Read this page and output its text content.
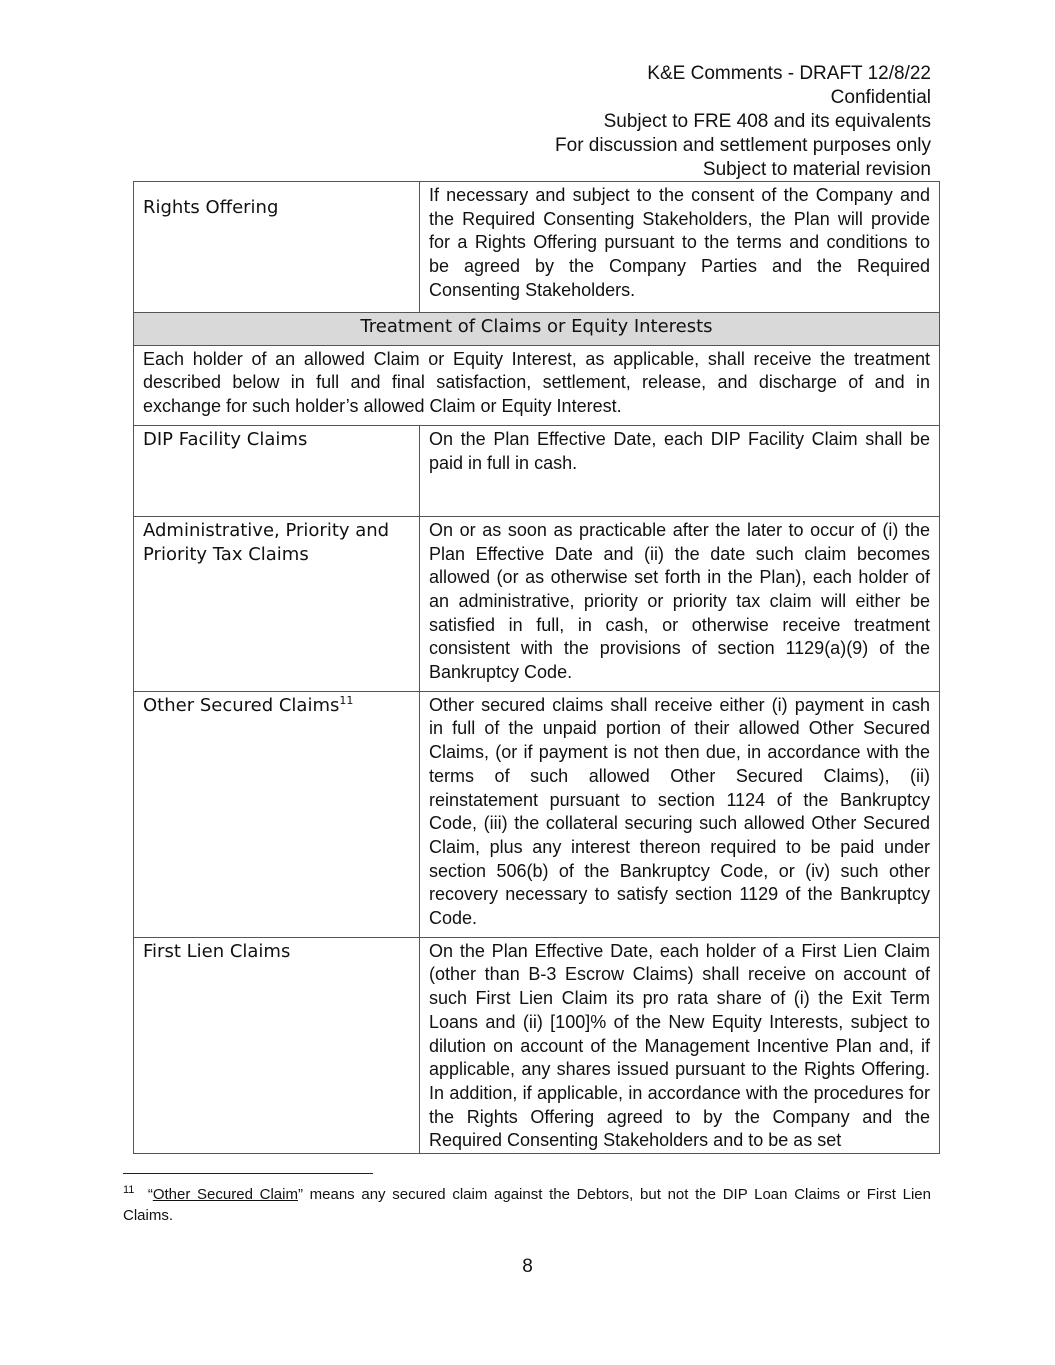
K&E Comments - DRAFT 12/8/22
Confidential
Subject to FRE 408 and its equivalents
For discussion and settlement purposes only
Subject to material revision
Rights Offering	If necessary and subject to the consent of the Company and the Required Consenting Stakeholders, the Plan will provide for a Rights Offering pursuant to the terms and conditions to be agreed by the Company Parties and the Required Consenting Stakeholders.
Treatment of Claims or Equity Interests	
Each holder of an allowed Claim or Equity Interest, as applicable, shall receive the treatment described below in full and final satisfaction, settlement, release, and discharge of and in exchange for such holder’s allowed Claim or Equity Interest.	
DIP Facility Claims	On the Plan Effective Date, each DIP Facility Claim shall be paid in full in cash.
Administrative, Priority and Priority Tax Claims	On or as soon as practicable after the later to occur of (i) the Plan Effective Date and (ii) the date such claim becomes allowed (or as otherwise set forth in the Plan), each holder of an administrative, priority or priority tax claim will either be satisfied in full, in cash, or otherwise receive treatment consistent with the provisions of section 1129(a)(9) of the Bankruptcy Code.
Other Secured Claims$^{11}$	Other secured claims shall receive either (i) payment in cash in full of the unpaid portion of their allowed Other Secured Claims, (or if payment is not then due, in accordance with the terms of such allowed Other Secured Claims), (ii) reinstatement pursuant to section 1124 of the Bankruptcy Code, (iii) the collateral securing such allowed Other Secured Claim, plus any interest thereon required to be paid under section 506(b) of the Bankruptcy Code, or (iv) such other recovery necessary to satisfy section 1129 of the Bankruptcy Code.
First Lien Claims	On the Plan Effective Date, each holder of a First Lien Claim (other than B-3 Escrow Claims) shall receive on account of such First Lien Claim its pro rata share of (i) the Exit Term Loans and (ii) [100]% of the New Equity Interests, subject to dilution on account of the Management Incentive Plan and, if applicable, any shares issued pursuant to the Rights Offering. In addition, if applicable, in accordance with the procedures for the Rights Offering agreed to by the Company and the Required Consenting Stakeholders and to be as set
$^{11}$ “Other Secured Claim” means any secured claim against the Debtors, but not the DIP Loan Claims or First Lien Claims.
8
